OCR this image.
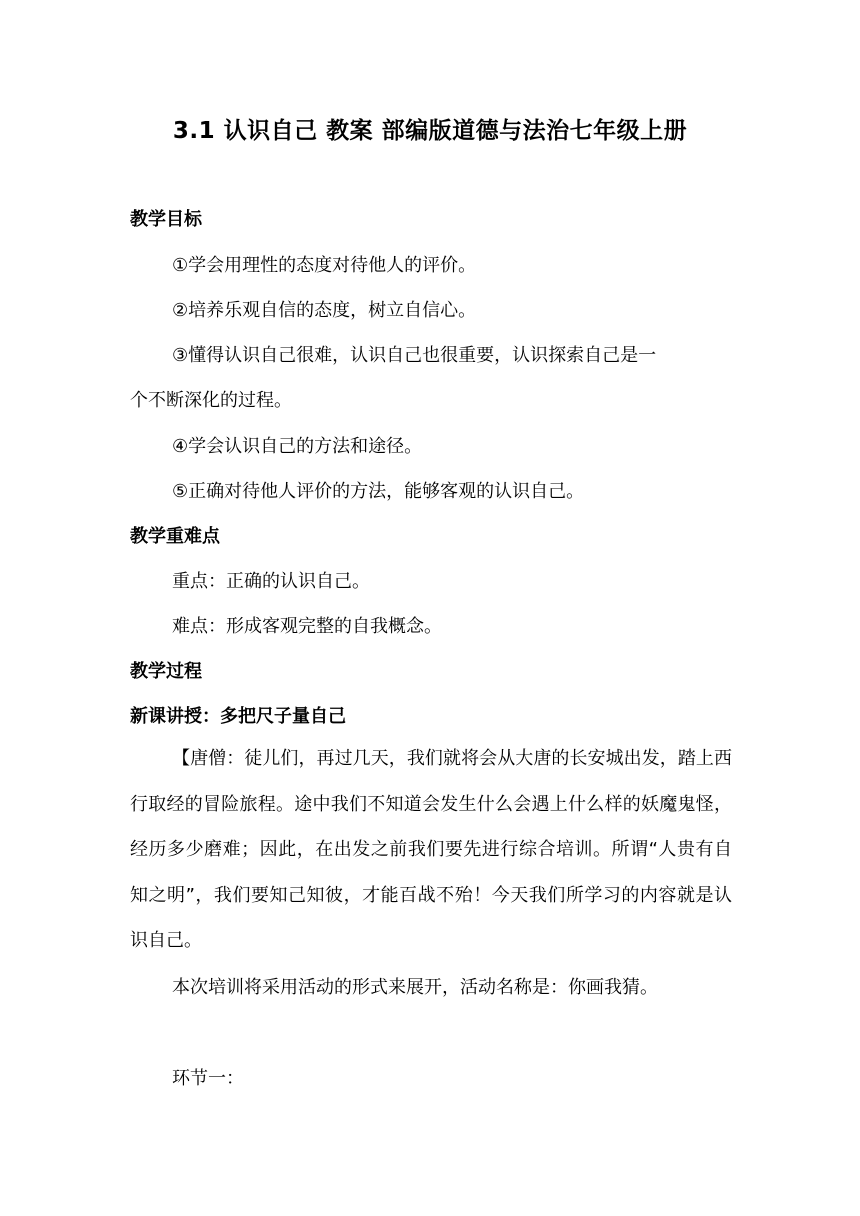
3.1 认识自己 教案 部编版道德与法治七年级上册
教学目标
①学会用理性的态度对待他人的评价。
②培养乐观自信的态度，树立自信心。
③懂得认识自己很难，认识自己也很重要，认识探索自己是一
个不断深化的过程。
④学会认识自己的方法和途径。
⑤正确对待他人评价的方法，能够客观的认识自己。
教学重难点
重点：正确的认识自己。
难点：形成客观完整的自我概念。
教学过程
新课讲授：多把尺子量自己
【唐僧：徒儿们，再过几天，我们就将会从大唐的长安城出发，踏上西行取经的冒险旅程。途中我们不知道会发生什么会遇上什么样的妖魔鬼怪，经历多少磨难；因此，在出发之前我们要先进行综合培训。所谓“人贵有自知之明”，我们要知己知彼，才能百战不殆！今天我们所学习的内容就是认识自己。
本次培训将采用活动的形式来展开，活动名称是：你画我猜。
环节一：
